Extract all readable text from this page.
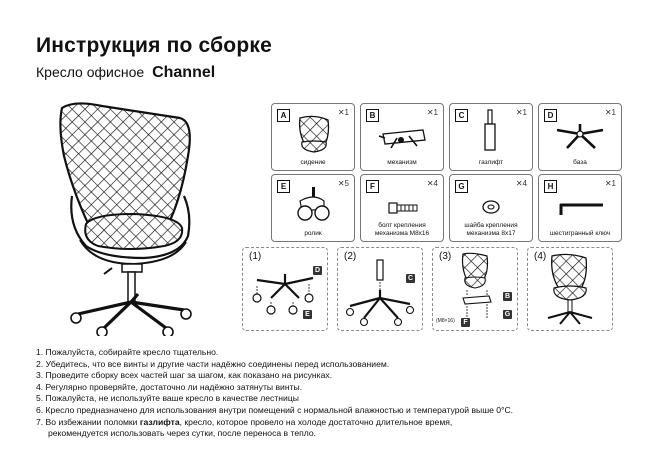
Инструкция по сборке
Кресло офисное Channel
A	✕1
сидение
B	✕1
механизм
C	✕1
газлифт
D	✕1
база
E	✕5
ролик
F	✕4
болт крепления механизма M8x16
G	✕4
шайба крепления механизма 8x17
H	✕1
шестигранный ключ
(1)
D
E
(2)
C
(3)
B
G
F
(M8×16)
(4)
1. Пожалуйста, собирайте кресло тщательно.
2. Убедитесь, что все винты и другие части надёжно соединены перед использованием.
3. Проведите сборку всех частей шаг за шагом, как показано на рисунках.
4. Регулярно проверяйте, достаточно ли надёжно затянуты винты.
5. Пожалуйста, не используйте ваше кресло в качестве лестницы
6. Кресло предназначено для использования внутри помещений с нормальной влажностью и температурой выше 0°С.
7. Во избежании поломки газлифта, кресло, которое провело на холоде достаточно длительное время,
рекомендуется использовать через сутки, после переноса в тепло.
